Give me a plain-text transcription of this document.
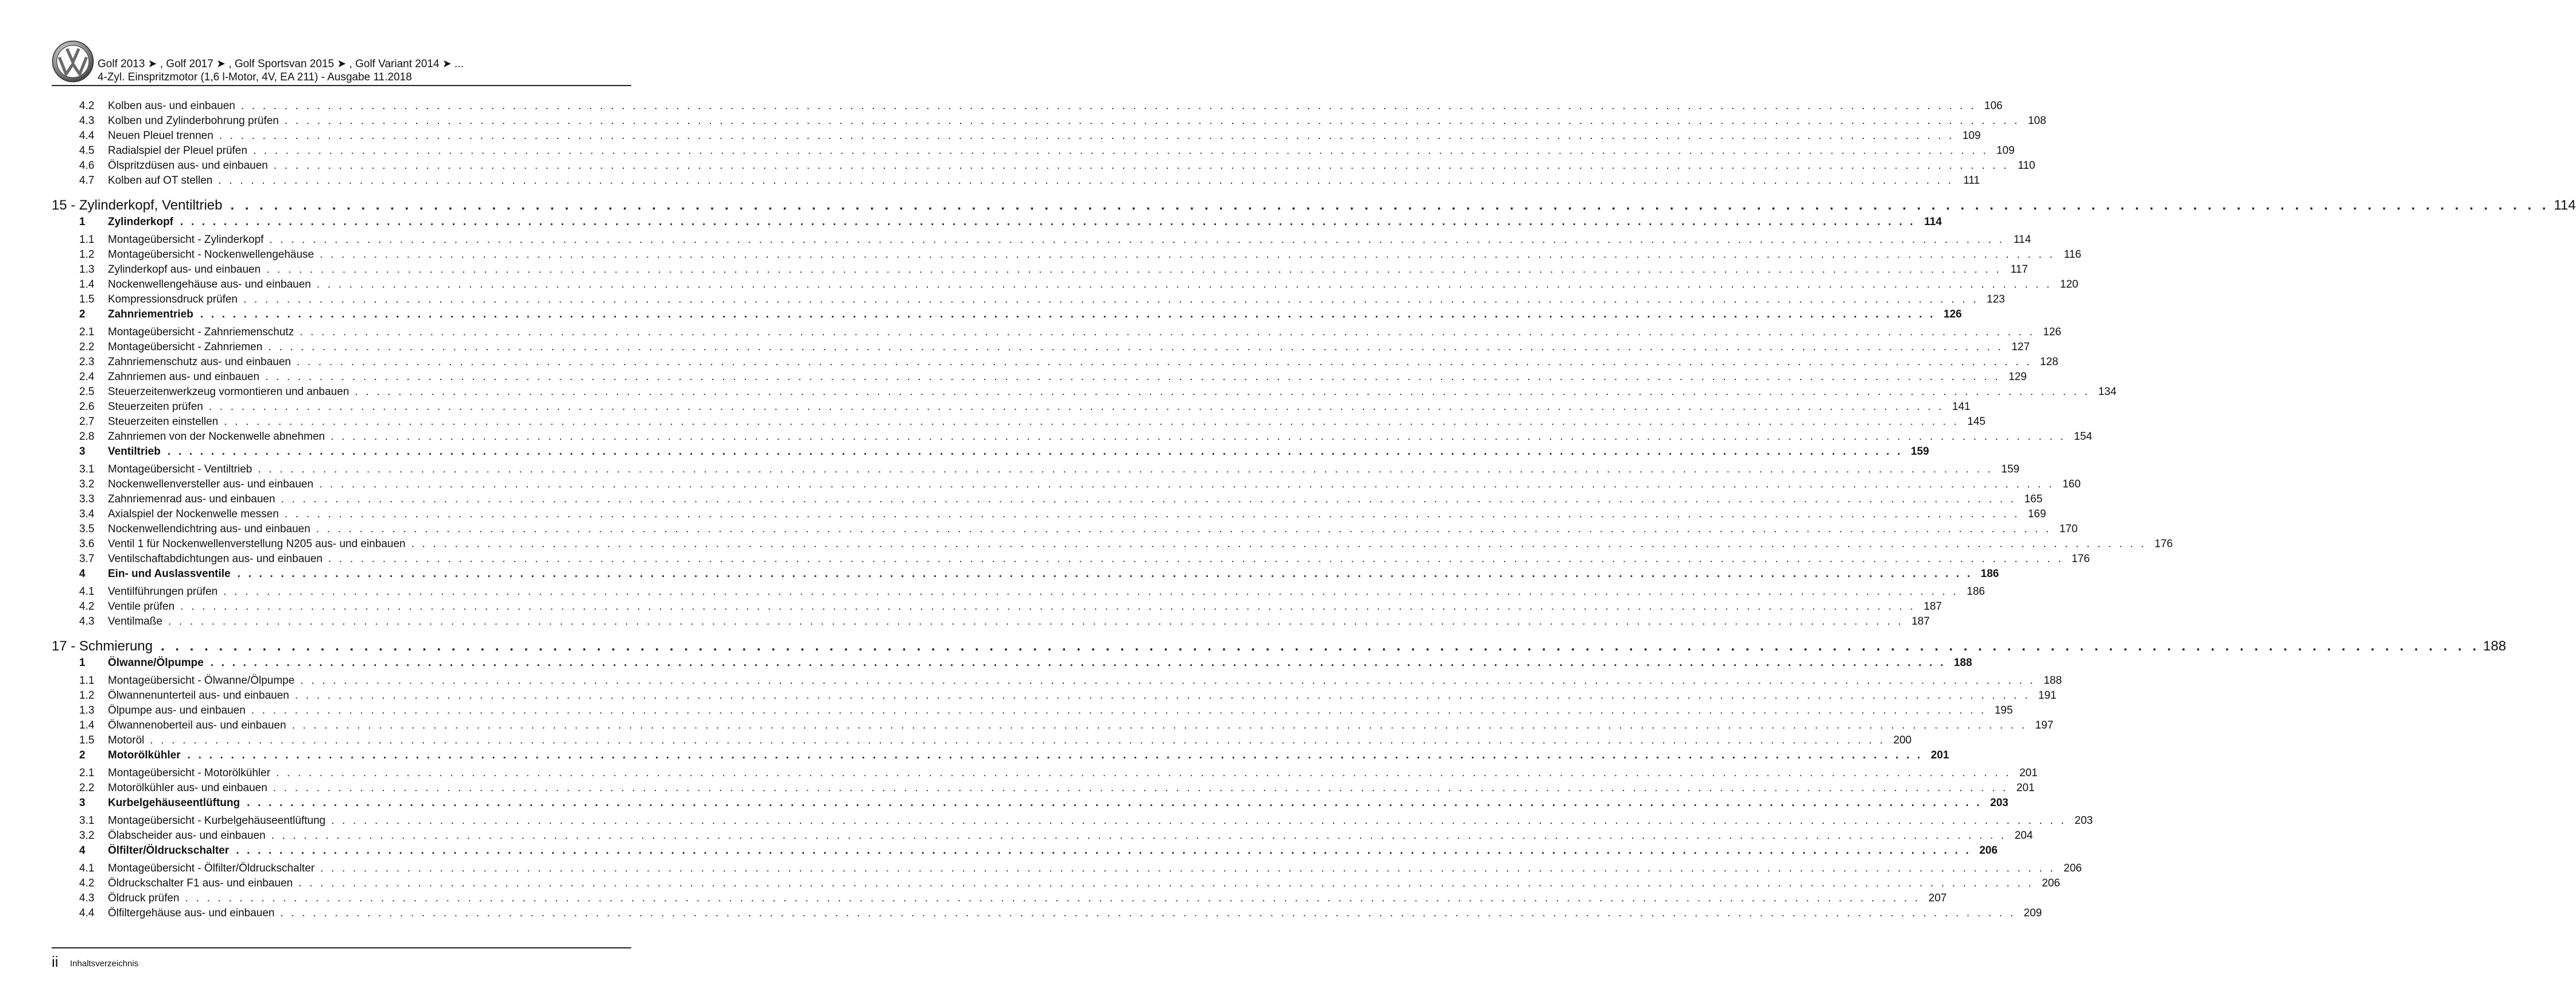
Golf 2013 ➤ , Golf 2017 ➤ , Golf Sportsvan 2015 ➤ , Golf Variant 2014 ➤ ...
4-Zyl. Einspritzmotor (1,6 l-Motor, 4V, EA 211) - Ausgabe 11.2018
4.2	Kolben aus- und einbauen . . . . . . . . . . . . . . . . . . . . . . . . . . . . . . . . . . . . . . . . . . . . . . . . . . . . . . . . . . . . . . . . . . . . . . . . . . . . . . . . . . . . . . . . . . . . . . . . . . . . . . . . . . . . . . . . . . . . . . . . . . . . . . . . . . . . . . . . . . . . . . . . . . . . . . . . . . . . . . . . 106
4.3	Kolben und Zylinderbohrung prüfen . . . . . . . . . . . . . . . . . . . . . . . . . . . . . . . . . . . . . . . . . . . . . . . . . . . . . . . . . . . . . . . . . . . . . . . . . . . . . . . . . . . . . . . . . . . . . . . . . . . . . . . . . . . . . . . . . . . . . . . . . . . . . . . . . . . . . . . . . . . . . . . . . . . . . . . . . . . . . . . . 108
4.4	Neuen Pleuel trennen . . . . . . . . . . . . . . . . . . . . . . . . . . . . . . . . . . . . . . . . . . . . . . . . . . . . . . . . . . . . . . . . . . . . . . . . . . . . . . . . . . . . . . . . . . . . . . . . . . . . . . . . . . . . . . . . . . . . . . . . . . . . . . . . . . . . . . . . . . . . . . . . . . . . . . . . . . . . . . . . 109
4.5	Radialspiel der Pleuel prüfen . . . . . . . . . . . . . . . . . . . . . . . . . . . . . . . . . . . . . . . . . . . . . . . . . . . . . . . . . . . . . . . . . . . . . . . . . . . . . . . . . . . . . . . . . . . . . . . . . . . . . . . . . . . . . . . . . . . . . . . . . . . . . . . . . . . . . . . . . . . . . . . . . . . . . . . . . . . . . . . . 109
4.6	Ölspritzdüsen aus- und einbauen . . . . . . . . . . . . . . . . . . . . . . . . . . . . . . . . . . . . . . . . . . . . . . . . . . . . . . . . . . . . . . . . . . . . . . . . . . . . . . . . . . . . . . . . . . . . . . . . . . . . . . . . . . . . . . . . . . . . . . . . . . . . . . . . . . . . . . . . . . . . . . . . . . . . . . . . . . . . . . . . 110
4.7	Kolben auf OT stellen . . . . . . . . . . . . . . . . . . . . . . . . . . . . . . . . . . . . . . . . . . . . . . . . . . . . . . . . . . . . . . . . . . . . . . . . . . . . . . . . . . . . . . . . . . . . . . . . . . . . . . . . . . . . . . . . . . . . . . . . . . . . . . . . . . . . . . . . . . . . . . . . . . . . . . . . . . . . . . . . 111
15 - Zylinderkopf, Ventiltrieb . . . . . . . . . . . . . . . . . . . . . . . . . . . . . . . . . . . . . . . . . . . . . . . . . . . . . . . . . . . . . . . . . . . . . . . . . . . . . . . . . . . . . . . . . . . . . . . . . . . . . . . . . . . . . . . . . . . . . . . . . . . . . . . . . . . . . . . . . . . . . . . . . . . . . . . . . . . . . . . . 114
1	Zylinderkopf . . . . . . . . . . . . . . . . . . . . . . . . . . . . . . . . . . . . . . . . . . . . . . . . . . . . . . . . . . . . . . . . . . . . . . . . . . . . . . . . . . . . . . . . . . . . . . . . . . . . . . . . . . . . . . . . . . . . . . . . . . . . . . . . . . . . . . . . . . . . . . . . . . . . . . . . . . . . . . . . 114
1.1	Montageübersicht - Zylinderkopf . . . . . . . . . . . . . . . . . . . . . . . . . . . . . . . . . . . . . . . . . . . . . . . . . . . . . . . . . . . . . . . . . . . . . . . . . . . . . . . . . . . . . . . . . . . . . . . . . . . . . . . . . . . . . . . . . . . . . . . . . . . . . . . . . . . . . . . . . . . . . . . . . . . . . . . . . . . . . . . . 114
1.2	Montageübersicht - Nockenwellengehäuse . . . . . . . . . . . . . . . . . . . . . . . . . . . . . . . . . . . . . . . . . . . . . . . . . . . . . . . . . . . . . . . . . . . . . . . . . . . . . . . . . . . . . . . . . . . . . . . . . . . . . . . . . . . . . . . . . . . . . . . . . . . . . . . . . . . . . . . . . . . . . . . . . . . . . . . . . . . . . . . . 116
1.3	Zylinderkopf aus- und einbauen . . . . . . . . . . . . . . . . . . . . . . . . . . . . . . . . . . . . . . . . . . . . . . . . . . . . . . . . . . . . . . . . . . . . . . . . . . . . . . . . . . . . . . . . . . . . . . . . . . . . . . . . . . . . . . . . . . . . . . . . . . . . . . . . . . . . . . . . . . . . . . . . . . . . . . . . . . . . . . . . 117
1.4	Nockenwellengehäuse aus- und einbauen . . . . . . . . . . . . . . . . . . . . . . . . . . . . . . . . . . . . . . . . . . . . . . . . . . . . . . . . . . . . . . . . . . . . . . . . . . . . . . . . . . . . . . . . . . . . . . . . . . . . . . . . . . . . . . . . . . . . . . . . . . . . . . . . . . . . . . . . . . . . . . . . . . . . . . . . . . . . . . . . 120
1.5	Kompressionsdruck prüfen . . . . . . . . . . . . . . . . . . . . . . . . . . . . . . . . . . . . . . . . . . . . . . . . . . . . . . . . . . . . . . . . . . . . . . . . . . . . . . . . . . . . . . . . . . . . . . . . . . . . . . . . . . . . . . . . . . . . . . . . . . . . . . . . . . . . . . . . . . . . . . . . . . . . . . . . . . . . . . . . 123
2	Zahnriementrieb . . . . . . . . . . . . . . . . . . . . . . . . . . . . . . . . . . . . . . . . . . . . . . . . . . . . . . . . . . . . . . . . . . . . . . . . . . . . . . . . . . . . . . . . . . . . . . . . . . . . . . . . . . . . . . . . . . . . . . . . . . . . . . . . . . . . . . . . . . . . . . . . . . . . . . . . . . . . . . . . 126
2.1	Montageübersicht - Zahnriemenschutz . . . . . . . . . . . . . . . . . . . . . . . . . . . . . . . . . . . . . . . . . . . . . . . . . . . . . . . . . . . . . . . . . . . . . . . . . . . . . . . . . . . . . . . . . . . . . . . . . . . . . . . . . . . . . . . . . . . . . . . . . . . . . . . . . . . . . . . . . . . . . . . . . . . . . . . . . . . . . . . . 126
2.2	Montageübersicht - Zahnriemen . . . . . . . . . . . . . . . . . . . . . . . . . . . . . . . . . . . . . . . . . . . . . . . . . . . . . . . . . . . . . . . . . . . . . . . . . . . . . . . . . . . . . . . . . . . . . . . . . . . . . . . . . . . . . . . . . . . . . . . . . . . . . . . . . . . . . . . . . . . . . . . . . . . . . . . . . . . . . . . . 127
2.3	Zahnriemenschutz aus- und einbauen . . . . . . . . . . . . . . . . . . . . . . . . . . . . . . . . . . . . . . . . . . . . . . . . . . . . . . . . . . . . . . . . . . . . . . . . . . . . . . . . . . . . . . . . . . . . . . . . . . . . . . . . . . . . . . . . . . . . . . . . . . . . . . . . . . . . . . . . . . . . . . . . . . . . . . . . . . . . . . . . 128
2.4	Zahnriemen aus- und einbauen . . . . . . . . . . . . . . . . . . . . . . . . . . . . . . . . . . . . . . . . . . . . . . . . . . . . . . . . . . . . . . . . . . . . . . . . . . . . . . . . . . . . . . . . . . . . . . . . . . . . . . . . . . . . . . . . . . . . . . . . . . . . . . . . . . . . . . . . . . . . . . . . . . . . . . . . . . . . . . . . 129
2.5	Steuerzeitenwerkzeug vormontieren und anbauen . . . . . . . . . . . . . . . . . . . . . . . . . . . . . . . . . . . . . . . . . . . . . . . . . . . . . . . . . . . . . . . . . . . . . . . . . . . . . . . . . . . . . . . . . . . . . . . . . . . . . . . . . . . . . . . . . . . . . . . . . . . . . . . . . . . . . . . . . . . . . . . . . . . . . . . . . . . . . . . . 134
2.6	Steuerzeiten prüfen . . . . . . . . . . . . . . . . . . . . . . . . . . . . . . . . . . . . . . . . . . . . . . . . . . . . . . . . . . . . . . . . . . . . . . . . . . . . . . . . . . . . . . . . . . . . . . . . . . . . . . . . . . . . . . . . . . . . . . . . . . . . . . . . . . . . . . . . . . . . . . . . . . . . . . . . . . . . . . . . 141
2.7	Steuerzeiten einstellen . . . . . . . . . . . . . . . . . . . . . . . . . . . . . . . . . . . . . . . . . . . . . . . . . . . . . . . . . . . . . . . . . . . . . . . . . . . . . . . . . . . . . . . . . . . . . . . . . . . . . . . . . . . . . . . . . . . . . . . . . . . . . . . . . . . . . . . . . . . . . . . . . . . . . . . . . . . . . . . . 145
2.8	Zahnriemen von der Nockenwelle abnehmen . . . . . . . . . . . . . . . . . . . . . . . . . . . . . . . . . . . . . . . . . . . . . . . . . . . . . . . . . . . . . . . . . . . . . . . . . . . . . . . . . . . . . . . . . . . . . . . . . . . . . . . . . . . . . . . . . . . . . . . . . . . . . . . . . . . . . . . . . . . . . . . . . . . . . . . . . . . . . . . . 154
3	Ventiltrieb . . . . . . . . . . . . . . . . . . . . . . . . . . . . . . . . . . . . . . . . . . . . . . . . . . . . . . . . . . . . . . . . . . . . . . . . . . . . . . . . . . . . . . . . . . . . . . . . . . . . . . . . . . . . . . . . . . . . . . . . . . . . . . . . . . . . . . . . . . . . . . . . . . . . . . . . . . . . . . . . 159
3.1	Montageübersicht - Ventiltrieb . . . . . . . . . . . . . . . . . . . . . . . . . . . . . . . . . . . . . . . . . . . . . . . . . . . . . . . . . . . . . . . . . . . . . . . . . . . . . . . . . . . . . . . . . . . . . . . . . . . . . . . . . . . . . . . . . . . . . . . . . . . . . . . . . . . . . . . . . . . . . . . . . . . . . . . . . . . . . . . . 159
3.2	Nockenwellenversteller aus- und einbauen . . . . . . . . . . . . . . . . . . . . . . . . . . . . . . . . . . . . . . . . . . . . . . . . . . . . . . . . . . . . . . . . . . . . . . . . . . . . . . . . . . . . . . . . . . . . . . . . . . . . . . . . . . . . . . . . . . . . . . . . . . . . . . . . . . . . . . . . . . . . . . . . . . . . . . . . . . . . . . . . 160
3.3	Zahnriemenrad aus- und einbauen . . . . . . . . . . . . . . . . . . . . . . . . . . . . . . . . . . . . . . . . . . . . . . . . . . . . . . . . . . . . . . . . . . . . . . . . . . . . . . . . . . . . . . . . . . . . . . . . . . . . . . . . . . . . . . . . . . . . . . . . . . . . . . . . . . . . . . . . . . . . . . . . . . . . . . . . . . . . . . . . 165
3.4	Axialspiel der Nockenwelle messen . . . . . . . . . . . . . . . . . . . . . . . . . . . . . . . . . . . . . . . . . . . . . . . . . . . . . . . . . . . . . . . . . . . . . . . . . . . . . . . . . . . . . . . . . . . . . . . . . . . . . . . . . . . . . . . . . . . . . . . . . . . . . . . . . . . . . . . . . . . . . . . . . . . . . . . . . . . . . . . . 169
3.5	Nockenwellendichtring aus- und einbauen . . . . . . . . . . . . . . . . . . . . . . . . . . . . . . . . . . . . . . . . . . . . . . . . . . . . . . . . . . . . . . . . . . . . . . . . . . . . . . . . . . . . . . . . . . . . . . . . . . . . . . . . . . . . . . . . . . . . . . . . . . . . . . . . . . . . . . . . . . . . . . . . . . . . . . . . . . . . . . . . 170
3.6	Ventil 1 für Nockenwellenverstellung N205 aus- und einbauen . . . . . . . . . . . . . . . . . . . . . . . . . . . . . . . . . . . . . . . . . . . . . . . . . . . . . . . . . . . . . . . . . . . . . . . . . . . . . . . . . . . . . . . . . . . . . . . . . . . . . . . . . . . . . . . . . . . . . . . . . . . . . . . . . . . . . . . . . . . . . . . . . . . . . . . . . . . . . . . . 176
3.7	Ventilschaftabdichtungen aus- und einbauen . . . . . . . . . . . . . . . . . . . . . . . . . . . . . . . . . . . . . . . . . . . . . . . . . . . . . . . . . . . . . . . . . . . . . . . . . . . . . . . . . . . . . . . . . . . . . . . . . . . . . . . . . . . . . . . . . . . . . . . . . . . . . . . . . . . . . . . . . . . . . . . . . . . . . . . . . . . . . . . . 176
4	Ein- und Auslassventile . . . . . . . . . . . . . . . . . . . . . . . . . . . . . . . . . . . . . . . . . . . . . . . . . . . . . . . . . . . . . . . . . . . . . . . . . . . . . . . . . . . . . . . . . . . . . . . . . . . . . . . . . . . . . . . . . . . . . . . . . . . . . . . . . . . . . . . . . . . . . . . . . . . . . . . . . . . . . . . . 186
4.1	Ventilführungen prüfen . . . . . . . . . . . . . . . . . . . . . . . . . . . . . . . . . . . . . . . . . . . . . . . . . . . . . . . . . . . . . . . . . . . . . . . . . . . . . . . . . . . . . . . . . . . . . . . . . . . . . . . . . . . . . . . . . . . . . . . . . . . . . . . . . . . . . . . . . . . . . . . . . . . . . . . . . . . . . . . . 186
4.2	Ventile prüfen . . . . . . . . . . . . . . . . . . . . . . . . . . . . . . . . . . . . . . . . . . . . . . . . . . . . . . . . . . . . . . . . . . . . . . . . . . . . . . . . . . . . . . . . . . . . . . . . . . . . . . . . . . . . . . . . . . . . . . . . . . . . . . . . . . . . . . . . . . . . . . . . . . . . . . . . . . . . . . . . 187
4.3	Ventilmaße . . . . . . . . . . . . . . . . . . . . . . . . . . . . . . . . . . . . . . . . . . . . . . . . . . . . . . . . . . . . . . . . . . . . . . . . . . . . . . . . . . . . . . . . . . . . . . . . . . . . . . . . . . . . . . . . . . . . . . . . . . . . . . . . . . . . . . . . . . . . . . . . . . . . . . . . . . . . . . . . 187
17 - Schmierung . . . . . . . . . . . . . . . . . . . . . . . . . . . . . . . . . . . . . . . . . . . . . . . . . . . . . . . . . . . . . . . . . . . . . . . . . . . . . . . . . . . . . . . . . . . . . . . . . . . . . . . . . . . . . . . . . . . . . . . . . . . . . . . . . . . . . . . . . . . . . . . . . . . . . . . . . . . . . . . . 188
1	Ölwanne/Ölpumpe . . . . . . . . . . . . . . . . . . . . . . . . . . . . . . . . . . . . . . . . . . . . . . . . . . . . . . . . . . . . . . . . . . . . . . . . . . . . . . . . . . . . . . . . . . . . . . . . . . . . . . . . . . . . . . . . . . . . . . . . . . . . . . . . . . . . . . . . . . . . . . . . . . . . . . . . . . . . . . . . 188
1.1	Montageübersicht - Ölwanne/Ölpumpe . . . . . . . . . . . . . . . . . . . . . . . . . . . . . . . . . . . . . . . . . . . . . . . . . . . . . . . . . . . . . . . . . . . . . . . . . . . . . . . . . . . . . . . . . . . . . . . . . . . . . . . . . . . . . . . . . . . . . . . . . . . . . . . . . . . . . . . . . . . . . . . . . . . . . . . . . . . . . . . . 188
1.2	Ölwannenunterteil aus- und einbauen . . . . . . . . . . . . . . . . . . . . . . . . . . . . . . . . . . . . . . . . . . . . . . . . . . . . . . . . . . . . . . . . . . . . . . . . . . . . . . . . . . . . . . . . . . . . . . . . . . . . . . . . . . . . . . . . . . . . . . . . . . . . . . . . . . . . . . . . . . . . . . . . . . . . . . . . . . . . . . . . 191
1.3	Ölpumpe aus- und einbauen . . . . . . . . . . . . . . . . . . . . . . . . . . . . . . . . . . . . . . . . . . . . . . . . . . . . . . . . . . . . . . . . . . . . . . . . . . . . . . . . . . . . . . . . . . . . . . . . . . . . . . . . . . . . . . . . . . . . . . . . . . . . . . . . . . . . . . . . . . . . . . . . . . . . . . . . . . . . . . . . 195
1.4	Ölwannenoberteil aus- und einbauen . . . . . . . . . . . . . . . . . . . . . . . . . . . . . . . . . . . . . . . . . . . . . . . . . . . . . . . . . . . . . . . . . . . . . . . . . . . . . . . . . . . . . . . . . . . . . . . . . . . . . . . . . . . . . . . . . . . . . . . . . . . . . . . . . . . . . . . . . . . . . . . . . . . . . . . . . . . . . . . . 197
1.5	Motoröl . . . . . . . . . . . . . . . . . . . . . . . . . . . . . . . . . . . . . . . . . . . . . . . . . . . . . . . . . . . . . . . . . . . . . . . . . . . . . . . . . . . . . . . . . . . . . . . . . . . . . . . . . . . . . . . . . . . . . . . . . . . . . . . . . . . . . . . . . . . . . . . . . . . . . . . . . . . . . . . . 200
2	Motorölkühler . . . . . . . . . . . . . . . . . . . . . . . . . . . . . . . . . . . . . . . . . . . . . . . . . . . . . . . . . . . . . . . . . . . . . . . . . . . . . . . . . . . . . . . . . . . . . . . . . . . . . . . . . . . . . . . . . . . . . . . . . . . . . . . . . . . . . . . . . . . . . . . . . . . . . . . . . . . . . . . . 201
2.1	Montageübersicht - Motorölkühler . . . . . . . . . . . . . . . . . . . . . . . . . . . . . . . . . . . . . . . . . . . . . . . . . . . . . . . . . . . . . . . . . . . . . . . . . . . . . . . . . . . . . . . . . . . . . . . . . . . . . . . . . . . . . . . . . . . . . . . . . . . . . . . . . . . . . . . . . . . . . . . . . . . . . . . . . . . . . . . . 201
2.2	Motorölkühler aus- und einbauen . . . . . . . . . . . . . . . . . . . . . . . . . . . . . . . . . . . . . . . . . . . . . . . . . . . . . . . . . . . . . . . . . . . . . . . . . . . . . . . . . . . . . . . . . . . . . . . . . . . . . . . . . . . . . . . . . . . . . . . . . . . . . . . . . . . . . . . . . . . . . . . . . . . . . . . . . . . . . . . . 201
3	Kurbelgehäuseentlüftung . . . . . . . . . . . . . . . . . . . . . . . . . . . . . . . . . . . . . . . . . . . . . . . . . . . . . . . . . . . . . . . . . . . . . . . . . . . . . . . . . . . . . . . . . . . . . . . . . . . . . . . . . . . . . . . . . . . . . . . . . . . . . . . . . . . . . . . . . . . . . . . . . . . . . . . . . . . . . . . . 203
3.1	Montageübersicht - Kurbelgehäuseentlüftung . . . . . . . . . . . . . . . . . . . . . . . . . . . . . . . . . . . . . . . . . . . . . . . . . . . . . . . . . . . . . . . . . . . . . . . . . . . . . . . . . . . . . . . . . . . . . . . . . . . . . . . . . . . . . . . . . . . . . . . . . . . . . . . . . . . . . . . . . . . . . . . . . . . . . . . . . . . . . . . . 203
3.2	Ölabscheider aus- und einbauen . . . . . . . . . . . . . . . . . . . . . . . . . . . . . . . . . . . . . . . . . . . . . . . . . . . . . . . . . . . . . . . . . . . . . . . . . . . . . . . . . . . . . . . . . . . . . . . . . . . . . . . . . . . . . . . . . . . . . . . . . . . . . . . . . . . . . . . . . . . . . . . . . . . . . . . . . . . . . . . . 204
4	Ölfilter/Öldruckschalter . . . . . . . . . . . . . . . . . . . . . . . . . . . . . . . . . . . . . . . . . . . . . . . . . . . . . . . . . . . . . . . . . . . . . . . . . . . . . . . . . . . . . . . . . . . . . . . . . . . . . . . . . . . . . . . . . . . . . . . . . . . . . . . . . . . . . . . . . . . . . . . . . . . . . . . . . . . . . . . . 206
4.1	Montageübersicht - Ölfilter/Öldruckschalter . . . . . . . . . . . . . . . . . . . . . . . . . . . . . . . . . . . . . . . . . . . . . . . . . . . . . . . . . . . . . . . . . . . . . . . . . . . . . . . . . . . . . . . . . . . . . . . . . . . . . . . . . . . . . . . . . . . . . . . . . . . . . . . . . . . . . . . . . . . . . . . . . . . . . . . . . . . . . . . . 206
4.2	Öldruckschalter F1 aus- und einbauen . . . . . . . . . . . . . . . . . . . . . . . . . . . . . . . . . . . . . . . . . . . . . . . . . . . . . . . . . . . . . . . . . . . . . . . . . . . . . . . . . . . . . . . . . . . . . . . . . . . . . . . . . . . . . . . . . . . . . . . . . . . . . . . . . . . . . . . . . . . . . . . . . . . . . . . . . . . . . . . . 206
4.3	Öldruck prüfen . . . . . . . . . . . . . . . . . . . . . . . . . . . . . . . . . . . . . . . . . . . . . . . . . . . . . . . . . . . . . . . . . . . . . . . . . . . . . . . . . . . . . . . . . . . . . . . . . . . . . . . . . . . . . . . . . . . . . . . . . . . . . . . . . . . . . . . . . . . . . . . . . . . . . . . . . . . . . . . . 207
4.4	Ölfiltergehäuse aus- und einbauen . . . . . . . . . . . . . . . . . . . . . . . . . . . . . . . . . . . . . . . . . . . . . . . . . . . . . . . . . . . . . . . . . . . . . . . . . . . . . . . . . . . . . . . . . . . . . . . . . . . . . . . . . . . . . . . . . . . . . . . . . . . . . . . . . . . . . . . . . . . . . . . . . . . . . . . . . . . . . . . . 209
ii Inhaltsverzeichnis
